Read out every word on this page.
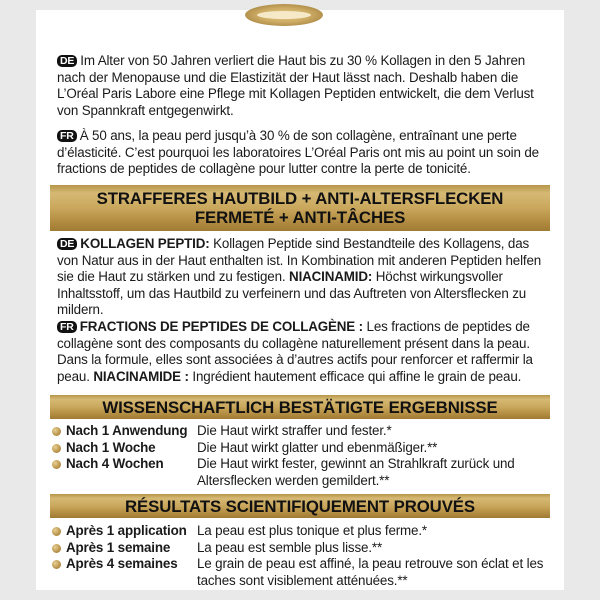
DE Im Alter von 50 Jahren verliert die Haut bis zu 30 % Kollagen in den 5 Jahren nach der Menopause und die Elastizität der Haut lässt nach. Deshalb haben die L’Oréal Paris Labore eine Pflege mit Kollagen Peptiden entwickelt, die dem Verlust von Spannkraft entgegenwirkt.
FR À 50 ans, la peau perd jusqu’à 30 % de son collagène, entraînant une perte d’élasticité. C’est pourquoi les laboratoires L’Oréal Paris ont mis au point un soin de fractions de peptides de collagène pour lutter contre la perte de tonicité.
STRAFFERES HAUTBILD + ANTI-ALTERSFLECKEN
FERMETÉ + ANTI-TÂCHES
DE KOLLAGEN PEPTID: Kollagen Peptide sind Bestandteile des Kollagens, das von Natur aus in der Haut enthalten ist. In Kombination mit anderen Peptiden helfen sie die Haut zu stärken und zu festigen. NIACINAMID: Höchst wirkungsvoller Inhaltsstoff, um das Hautbild zu verfeinern und das Auftreten von Altersflecken zu mildern.
FR FRACTIONS DE PEPTIDES DE COLLAGÈNE : Les fractions de peptides de collagène sont des composants du collagène naturellement présent dans la peau. Dans la formule, elles sont associées à d’autres actifs pour renforcer et raffermir la peau. NIACINAMIDE : Ingrédient hautement efficace qui affine le grain de peau.
WISSENSCHAFTLICH BESTÄTIGTE ERGEBNISSE
Nach 1 Anwendung Die Haut wirkt straffer und fester.*
Nach 1 Woche	Die Haut wirkt glatter und ebenmäßiger.**
Nach 4 Wochen Die Haut wirkt fester, gewinnt an Strahlkraft zurück und Altersflecken werden gemildert.**
RÉSULTATS SCIENTIFIQUEMENT PROUVÉS
Après 1 application La peau est plus tonique et plus ferme.*
Après 1 semaine La peau est semble plus lisse.**
Après 4 semaines Le grain de peau est affiné, la peau retrouve son éclat et les taches sont visiblement atténuées.**
